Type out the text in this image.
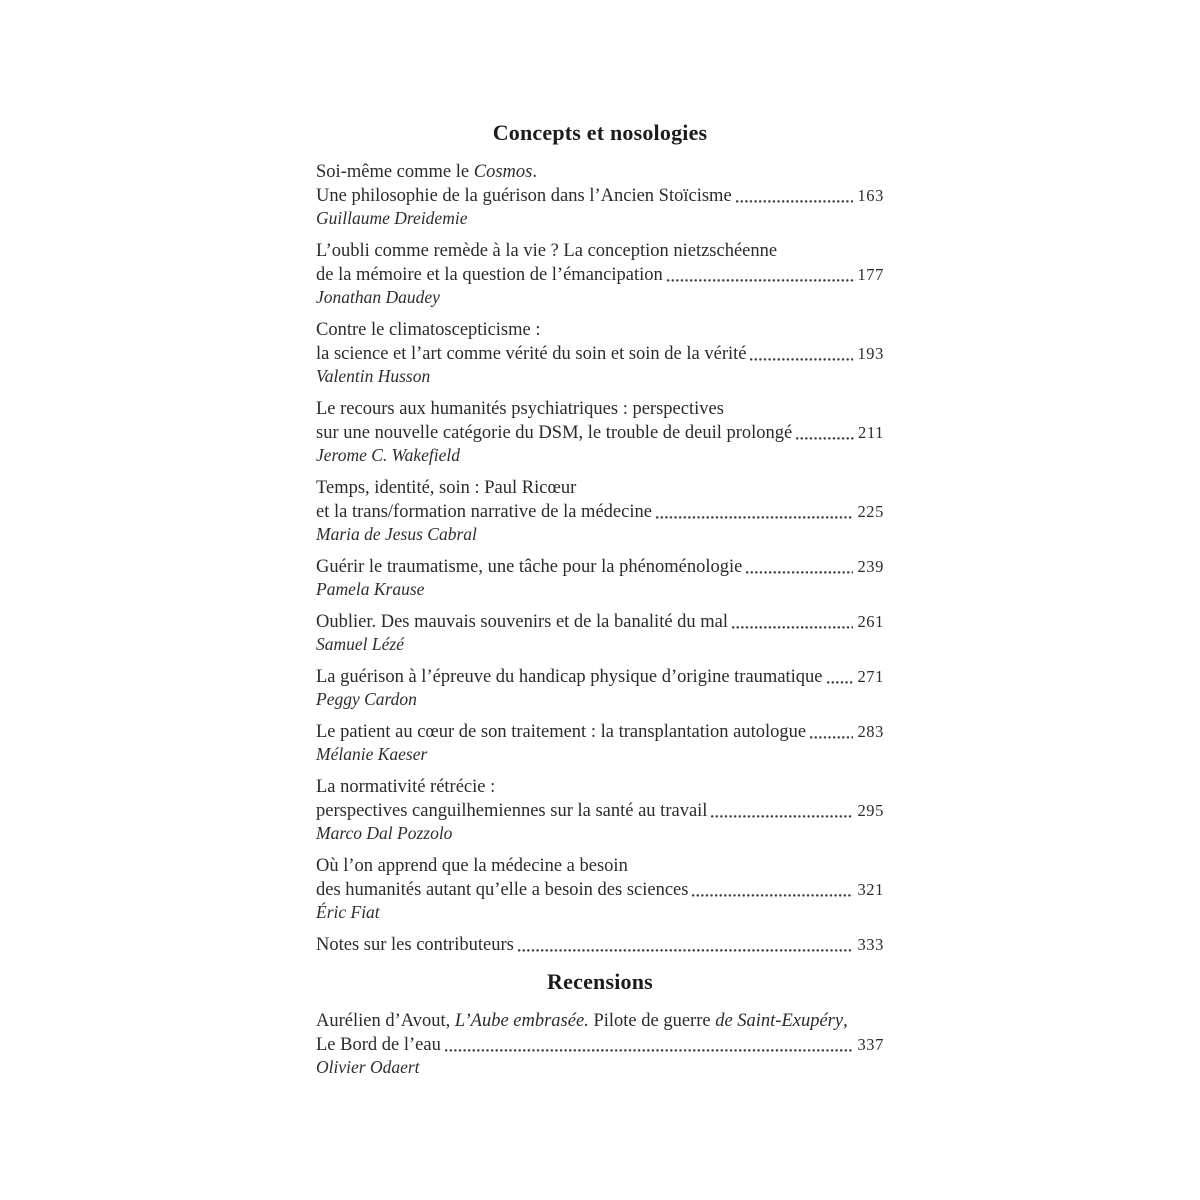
Concepts et nosologies
Soi-même comme le Cosmos.
Une philosophie de la guérison dans l’Ancien Stoïcisme	163
Guillaume Dreidemie
L’oubli comme remède à la vie ? La conception nietzschéenne
de la mémoire et la question de l’émancipation	177
Jonathan Daudey
Contre le climatoscepticisme :
la science et l’art comme vérité du soin et soin de la vérité	193
Valentin Husson
Le recours aux humanités psychiatriques : perspectives
sur une nouvelle catégorie du DSM, le trouble de deuil prolongé	211
Jerome C. Wakefield
Temps, identité, soin : Paul Ricœur
et la trans/formation narrative de la médecine	225
Maria de Jesus Cabral
Guérir le traumatisme, une tâche pour la phénoménologie	239
Pamela Krause
Oublier. Des mauvais souvenirs et de la banalité du mal	261
Samuel Lézé
La guérison à l’épreuve du handicap physique d’origine traumatique 271
Peggy Cardon
Le patient au cœur de son traitement : la transplantation autologue	283
Mélanie Kaeser
La normativité rétrécie :
perspectives canguilhemiennes sur la santé au travail	295
Marco Dal Pozzolo
Où l’on apprend que la médecine a besoin
des humanités autant qu’elle a besoin des sciences	321
Éric Fiat
Notes sur les contributeurs	333
Recensions
Aurélien d’Avout, L’Aube embrasée. Pilote de guerre de Saint-Exupéry,
Le Bord de l’eau	337
Olivier Odaert
